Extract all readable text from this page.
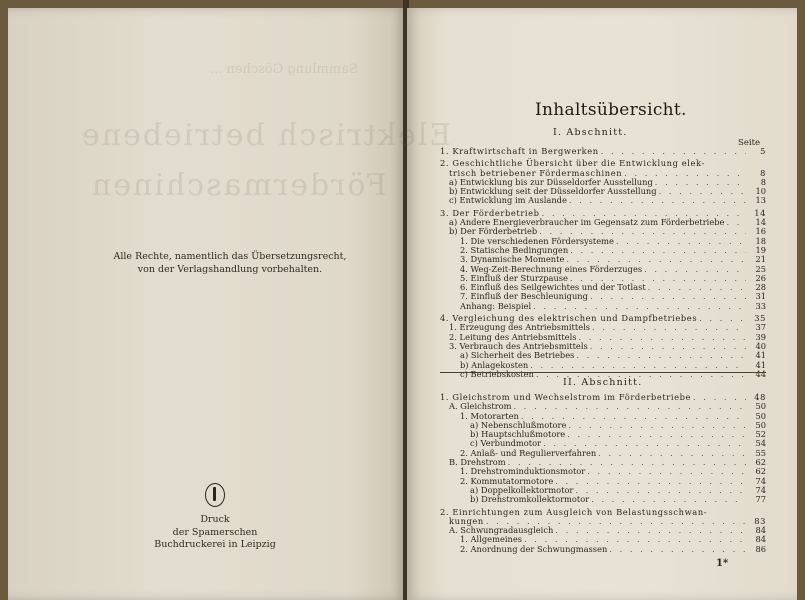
Sammlung Göschen ...
Elektrisch betriebene
Fördermaschinen
Alle Rechte, namentlich das Übersetzungsrecht,
von der Verlagshandlung vorbehalten.
Druck
der Spamerschen
Buchdruckerei in Leipzig
Inhaltsübersicht.
I. Abschnitt.
Seite
1. Kraftwirtschaft in Bergwerken . . .	5
2. Geschichtliche Übersicht über die Entwicklung elek-
trisch betriebener Fördermaschinen . . .	8
a) Entwicklung bis zur Düsseldorfer Ausstellung . . .	8
b) Entwicklung seit der Düsseldorfer Ausstellung . . .	10
c) Entwicklung im Auslande . . .	13
3. Der Förderbetrieb . . .	14
a) Andere Energieverbraucher im Gegensatz zum Förderbetriebe . . .	14
b) Der Förderbetrieb . . .	16
1. Die verschiedenen Fördersysteme . . .	18
2. Statische Bedingungen . . .	19
3. Dynamische Momente . . .	21
4. Weg-Zeit-Berechnung eines Förderzuges . . .	25
5. Einfluß der Sturzpause . . .	26
6. Einfluß des Seilgewichtes und der Totlast . . .	28
7. Einfluß der Beschleunigung . . .	31
Anhang: Beispiel . . .	33
4. Vergleichung des elektrischen und Dampfbetriebes . . .	35
1. Erzeugung des Antriebsmittels . . .	37
2. Leitung des Antriebsmittels . . .	39
3. Verbrauch des Antriebsmittels . . .	40
a) Sicherheit des Betriebes . . .	41
b) Anlagekosten . . .	41
c) Betriebskosten . . .	44
II. Abschnitt.
1. Gleichstrom und Wechselstrom im Förderbetriebe . . .	48
A. Gleichstrom . . .	50
1. Motorarten . . .	50
a) Nebenschlußmotore . . .	50
b) Hauptschlußmotore . . .	52
c) Verbundmotor . . .	54
2. Anlaß- und Regulierverfahren . . .	55
B. Drehstrom . . .	62
1. Drehstrominduktionsmotor . . .	62
2. Kommutatormotore . . .	74
a) Doppelkollektormotor . . .	74
b) Drehstromkollektormotor . . .	77
2. Einrichtungen zum Ausgleich von Belastungsschwan-
kungen . . .	83
A. Schwungradausgleich . . .	84
1. Allgemeines . . .	84
2. Anordnung der Schwungmassen . . .	86
1*
